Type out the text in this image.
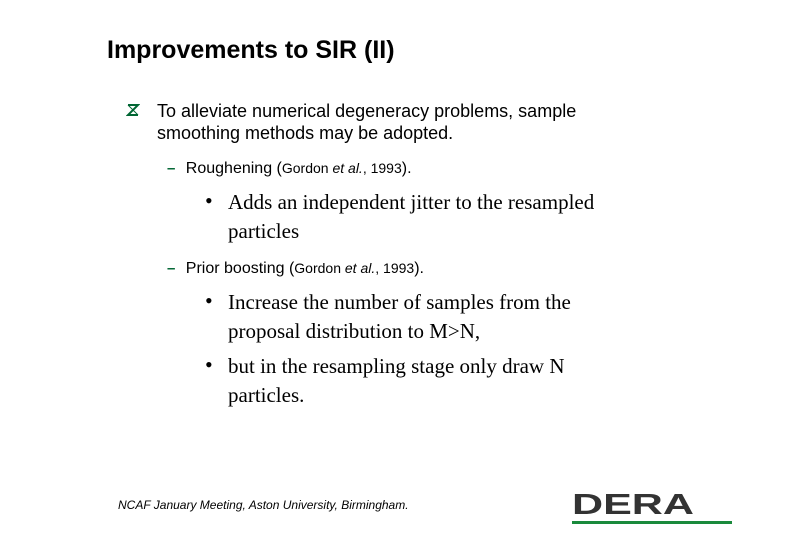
Improvements to SIR (II)
To alleviate numerical degeneracy problems, sample
smoothing methods may be adopted.
– Roughening (Gordon et al., 1993).
• Adds an independent jitter to the resampled
particles
– Prior boosting (Gordon et al., 1993).
• Increase the number of samples from the
proposal distribution to M>N,
• but in the resampling stage only draw N
particles.
NCAF January Meeting, Aston University, Birmingham.	DERA
